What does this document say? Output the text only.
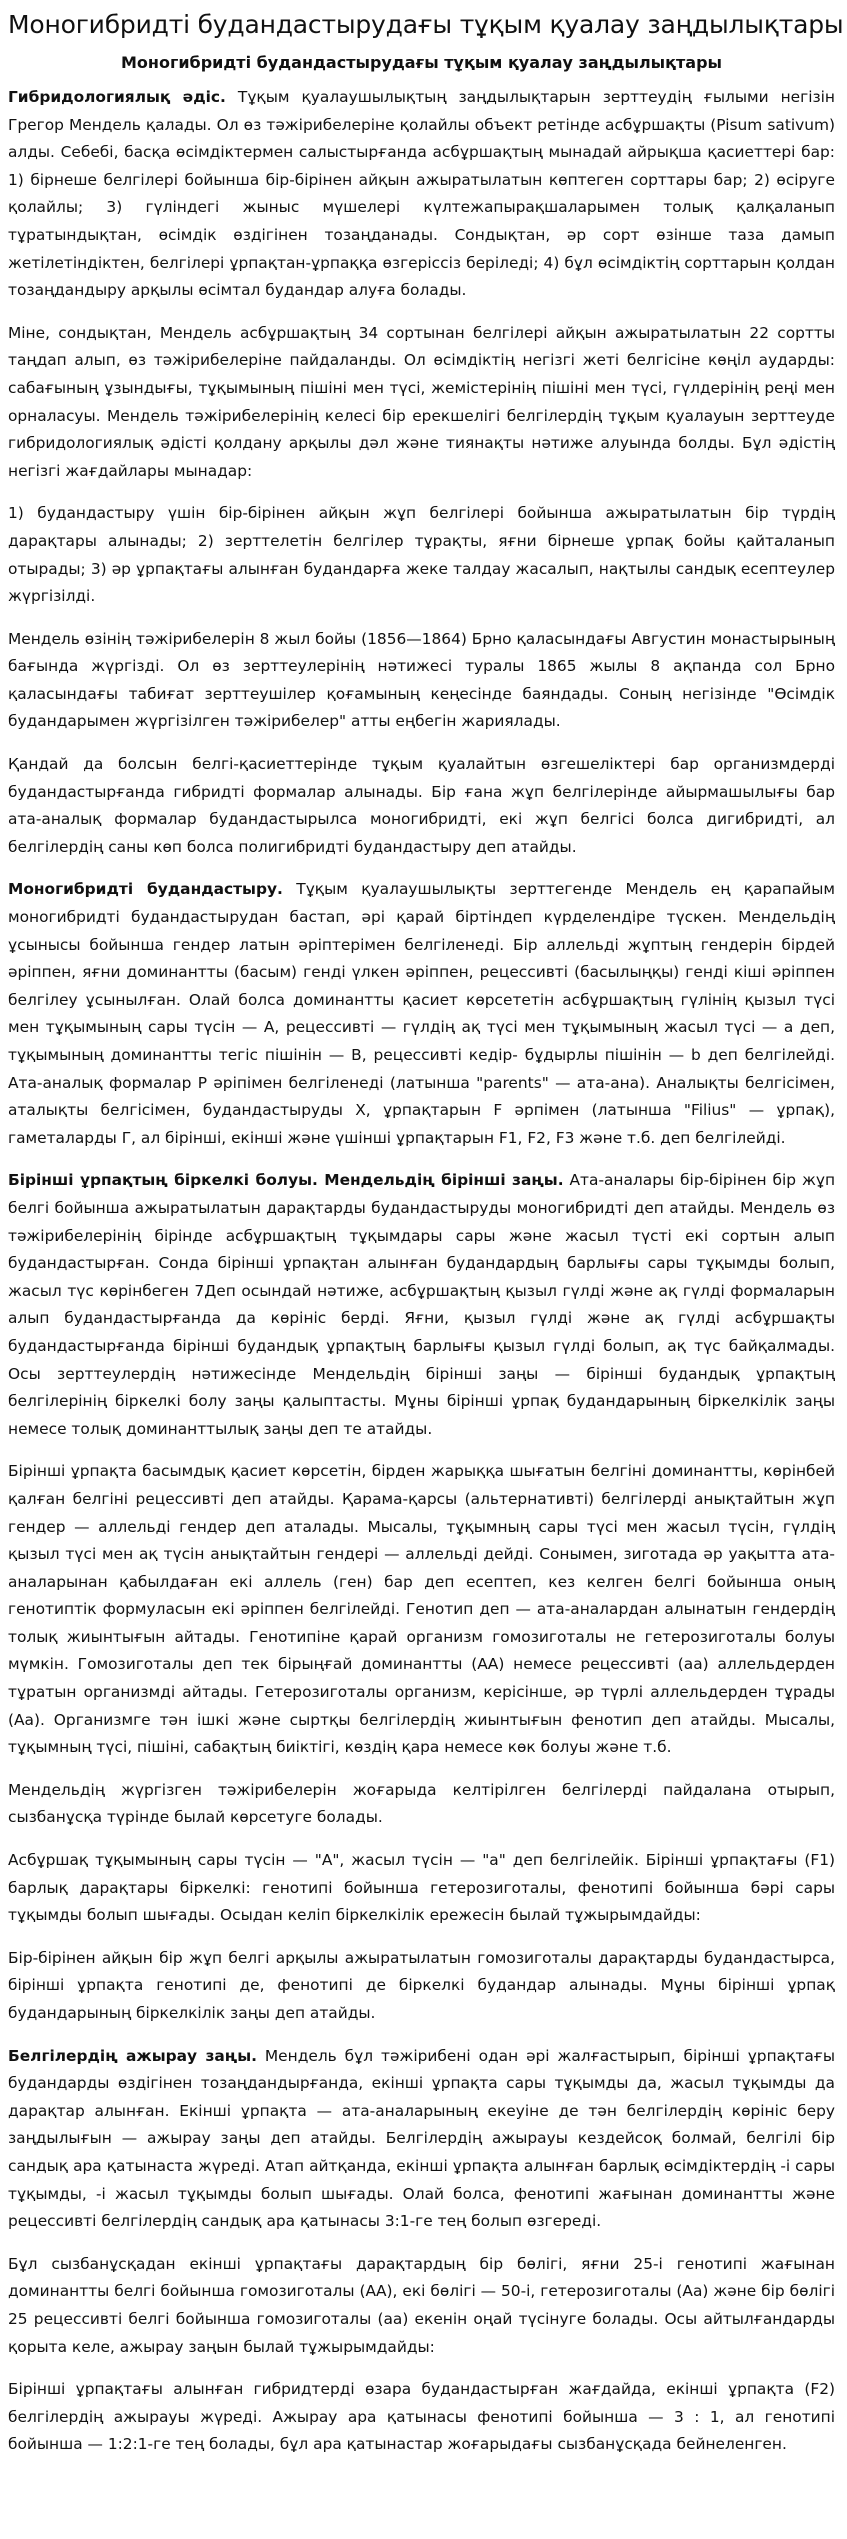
Моногибридті будандастырудағы тұқым қуалау заңдылықтары
Моногибридті будандастырудағы тұқым қуалау заңдылықтары

Гибридологиялық әдіс. Тұқым қуалаушылықтың заңдылықтарын зерттеудің ғылыми негізін Грегор Мендель қалады. Ол өз тәжірибелеріне қолайлы объект ретінде асбұршақты (Pisum sativum) алды. Себебі, басқа өсімдіктермен салыстырғанда асбұршақтың мынадай айрықша қасиеттері бар: 1) бірнеше белгілері бойынша бір-бірінен айқын ажыратылатын көптеген сорттары бар; 2) өсіруге қолайлы; 3) гүліндегі жыныс мүшелері күлтежапырақшаларымен толық қалқаланып тұратындықтан, өсімдік өздігінен тозаңданады. Сондықтан, әр сорт өзінше таза дамып жетілетіндіктен, белгілері ұрпақтан-ұрпаққа өзгеріссіз беріледі; 4) бұл өсімдіктің сорттарын қолдан тозаңдандыру арқылы өсімтал будандар алуға болады.

Міне, сондықтан, Мендель асбұршақтың 34 сортынан белгілері айқын ажыратылатын 22 сортты таңдап алып, өз тәжірибелеріне пайдаланды. Ол өсімдіктің негізгі жеті белгісіне көңіл аударды: сабағының ұзындығы, тұқымының пішіні мен түсі, жемістерінің пішіні мен түсі, гүлдерінің реңі мен орналасуы. Мендель тәжірибелерінің келесі бір ерекшелігі белгілердің тұқым қуалауын зерттеуде гибридологиялық әдісті қолдану арқылы дәл және тиянақты нәтиже алуында болды. Бұл әдістің негізгі жағдайлары мынадар:

1) будандастыру үшін бір-бірінен айқын жұп белгілері бойынша ажыратылатын бір түрдің дарақтары алынады; 2) зерттелетін белгілер тұрақты, яғни бірнеше ұрпақ бойы қайталанып отырады; 3) әр ұрпақтағы алынған будандарға жеке талдау жасалып, нақтылы сандық есептеулер жүргізілді.

Мендель өзінің тәжірибелерін 8 жыл бойы (1856—1864) Брно қаласындағы Августин монастырының бағында жүргізді. Ол өз зерттеулерінің нәтижесі туралы 1865 жылы 8 ақпанда сол Брно қаласындағы табиғат зерттеушілер қоғамының кеңесінде баяндады. Соның негізінде "Өсімдік будандарымен жүргізілген тәжірибелер" атты еңбегін жариялады.

Қандай да болсын белгі-қасиеттерінде тұқым қуалайтын өзгешеліктері бар организмдерді будандастырғанда гибридті формалар алынады. Бір ғана жұп белгілерінде айырмашылығы бар ата-аналық формалар будандастырылса моногибридті, екі жұп белгісі болса дигибридті, ал белгілердің саны көп болса полигибридті будандастыру деп атайды.

Моногибридті будандастыру. Тұқым қуалаушылықты зерттегенде Мендель ең қарапайым моногибридті будандастырудан бастап, әрі қарай біртіндеп күрделендіре түскен. Мендельдің ұсынысы бойынша гендер латын әріптерімен белгіленеді. Бір аллельді жұптың гендерін бірдей әріппен, яғни доминантты (басым) генді үлкен әріппен, рецессивті (басылыңқы) генді кіші әріппен белгілеу ұсынылған. Олай болса доминантты қасиет көрсететін асбұршақтың гүлінің қызыл түсі мен тұқымының сары түсін — А, рецессивті — гүлдің ақ түсі мен тұқымының жасыл түсі — а деп, тұқымының доминантты тегіс пішінін — В, рецессивті кедір- бұдырлы пішінін — b деп белгілейді. Ата-аналық формалар Р әріпімен белгіленеді (латынша "parents" — ата-ана). Аналықты белгісімен, аталықты белгісімен, будандастыруды Х, ұрпақтарын F әрпімен (латынша "Filius" — ұрпақ), гаметаларды Г, ал бірінші, екінші және үшінші ұрпақтарын F1, F2, F3 және т.б. деп белгілейді.

Бірінші ұрпақтың біркелкі болуы. Мендельдің бірінші заңы. Ата-аналары бір-бірінен бір жұп белгі бойынша ажыратылатын дарақтарды будандастыруды моногибридті деп атайды. Мендель өз тәжірибелерінің бірінде асбұршақтың тұқымдары сары және жасыл түсті екі сортын алып будандастырған. Сонда бірінші ұрпақтан алынған будандардың барлығы сары тұқымды болып, жасыл түс көрінбеген 7Деп осындай нәтиже, асбұршақтың қызыл гүлді және ақ гүлді формаларын алып будандастырғанда да көрініс берді. Яғни, қызыл гүлді және ақ гүлді асбұршақты будандастырғанда бірінші будандық ұрпақтың барлығы қызыл гүлді болып, ақ түс байқалмады. Осы зерттеулердің нәтижесінде Мендельдің бірінші заңы — бірінші будандық ұрпақтың белгілерінің біркелкі болу заңы қалыптасты. Мұны бірінші ұрпақ будандарының біркелкілік заңы немесе толық доминанттылық заңы деп те атайды.

Бірінші ұрпақта басымдық қасиет көрсетін, бірден жарыққа шығатын белгіні доминантты, көрінбей қалған белгіні рецессивті деп атайды. Қарама-қарсы (альтернативті) белгілерді анықтайтын жұп гендер — аллельді гендер деп аталады. Мысалы, тұқымның сары түсі мен жасыл түсін, гүлдің қызыл түсі мен ақ түсін анықтайтын гендері — аллельді дейді. Сонымен, зиготада әр уақытта ата-аналарынан қабылдаған екі аллель (ген) бар деп есептеп, кез келген белгі бойынша оның генотиптік формуласын екі әріппен белгілейді. Генотип деп — ата-аналардан алынатын гендердің толық жиынтығын айтады. Генотипіне қарай организм гомозиготалы не гетерозиготалы болуы мүмкін. Гомозиготалы деп тек бірыңғай доминантты (АА) немесе рецессивті (аа) аллельдерден тұратын организмді айтады. Гетерозиготалы организм, керісінше, әр түрлі аллельдерден тұрады (Аа). Организмге тән ішкі және сыртқы белгілердің жиынтығын фенотип деп атайды. Мысалы, тұқымның түсі, пішіні, сабақтың биіктігі, көздің қара немесе көк болуы және т.б.

Мендельдің жүргізген тәжірибелерін жоғарыда келтірілген белгілерді пайдалана отырып, сызбанұсқа түрінде былай көрсетуге болады.

Асбұршақ тұқымының сары түсін — "А", жасыл түсін — "а" деп белгілейік. Бірінші ұрпақтағы (F1) барлық дарақтары біркелкі: генотипі бойынша гетерозиготалы, фенотипі бойынша бәрі сары тұқымды болып шығады. Осыдан келіп біркелкілік ережесін былай тұжырымдайды:

Бір-бірінен айқын бір жұп белгі арқылы ажыратылатын гомозиготалы дарақтарды будандастырса, бірінші ұрпақта генотипі де, фенотипі де біркелкі будандар алынады. Мұны бірінші ұрпақ будандарының біркелкілік заңы деп атайды.

Белгілердің ажырау заңы. Мендель бұл тәжірибені одан әрі жалғастырып, бірінші ұрпақтағы будандарды өздігінен тозаңдандырғанда, екінші ұрпақта сары тұқымды да, жасыл тұқымды да дарақтар алынған. Екінші ұрпақта — ата-аналарының екеуіне де тән белгілердің көрініс беру заңдылығын — ажырау заңы деп атайды. Белгілердің ажырауы кездейсоқ болмай, белгілі бір сандық ара қатынаста жүреді. Атап айтқанда, екінші ұрпақта алынған барлық өсімдіктердің -і сары тұқымды, -і жасыл тұқымды болып шығады. Олай болса, фенотипі жағынан доминантты және рецессивті белгілердің сандық ара қатынасы 3:1-ге тең болып өзгереді.

Бұл сызбанұсқадан екінші ұрпақтағы дарақтардың бір бөлігі, яғни 25-і генотипі жағынан доминантты белгі бойынша гомозиготалы (АА), екі бөлігі — 50-і, гетерозиготалы (Аа) және бір бөлігі 25 рецессивті белгі бойынша гомозиготалы (аа) екенін оңай түсінуге болады. Осы айтылғандарды қорыта келе, ажырау заңын былай тұжырымдайды:

Бірінші ұрпақтағы алынған гибридтерді өзара будандастырған жағдайда, екінші ұрпақта (F2) белгілердің ажырауы жүреді. Ажырау ара қатынасы фенотипі бойынша — 3 : 1, ал генотипі бойынша — 1:2:1-ге тең болады, бұл ара қатынастар жоғарыдағы сызбанұсқада бейнеленген.
